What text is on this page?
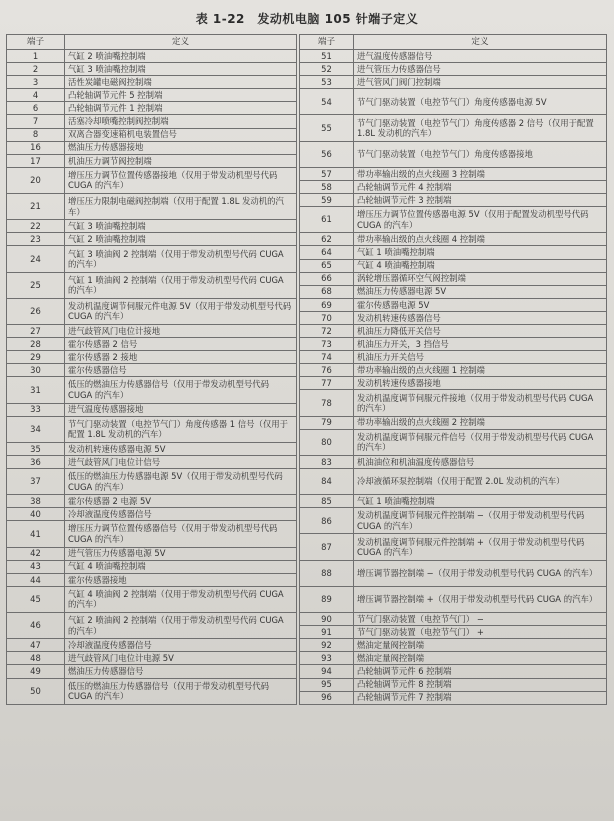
表 1-22　发动机电脑 105 针端子定义
端子	定义
1	气缸 2 喷油嘴控制端
2	气缸 3 喷油嘴控制端
3	活性炭罐电磁阀控制端
4	凸轮轴调节元件 5 控制端
6	凸轮轴调节元件 1 控制端
7	活塞冷却喷嘴控制阀控制端
8	双离合器变速箱机电装置信号
16	燃油压力传感器接地
17	机油压力调节阀控制端
20	增压压力调节位置传感器接地（仅用于带发动机型号代码 CUGA 的汽车）
21	增压压力限制电磁阀控制端（仅用于配置 1.8L 发动机的汽车）
22	气缸 3 喷油嘴控制端
23	气缸 2 喷油嘴控制端
24	气缸 3 喷油阀 2 控制端（仅用于带发动机型号代码 CUGA 的汽车）
25	气缸 1 喷油阀 2 控制端（仅用于带发动机型号代码 CUGA 的汽车）
26	发动机温度调节伺服元件电源 5V（仅用于带发动机型号代码 CUGA 的汽车）
27	进气歧管风门电位计接地
28	霍尔传感器 2 信号
29	霍尔传感器 2 接地
30	霍尔传感器信号
31	低压的燃油压力传感器信号（仅用于带发动机型号代码 CUGA 的汽车）
33	进气温度传感器接地
34	节气门驱动装置（电控节气门）角度传感器 1 信号（仅用于配置 1.8L 发动机的汽车）
35	发动机转速传感器电源 5V
36	进气歧管风门电位计信号
37	低压的燃油压力传感器电源 5V（仅用于带发动机型号代码 CUGA 的汽车）
38	霍尔传感器 2 电源 5V
40	冷却液温度传感器信号
41	增压压力调节位置传感器信号（仅用于带发动机型号代码 CUGA 的汽车）
42	进气管压力传感器电源 5V
43	气缸 4 喷油嘴控制端
44	霍尔传感器接地
45	气缸 4 喷油阀 2 控制端（仅用于带发动机型号代码 CUGA 的汽车）
46	气缸 2 喷油阀 2 控制端（仅用于带发动机型号代码 CUGA 的汽车）
47	冷却液温度传感器信号
48	进气歧管风门电位计电源 5V
49	燃油压力传感器信号
50	低压的燃油压力传感器信号（仅用于带发动机型号代码 CUGA 的汽车）
端子	定义
51	进气温度传感器信号
52	进气管压力传感器信号
53	进气管风门阀门控制端
54	节气门驱动装置（电控节气门）角度传感器电源 5V
55	节气门驱动装置（电控节气门）角度传感器 2 信号（仅用于配置 1.8L 发动机的汽车）
56	节气门驱动装置（电控节气门）角度传感器接地
57	带功率输出级的点火线圈 3 控制端
58	凸轮轴调节元件 4 控制端
59	凸轮轴调节元件 3 控制端
61	增压压力调节位置传感器电源 5V（仅用于配置发动机型号代码 CUGA 的汽车）
62	带功率输出级的点火线圈 4 控制端
64	气缸 1 喷油嘴控制端
65	气缸 4 喷油嘴控制端
66	涡轮增压器循环空气阀控制端
68	燃油压力传感器电源 5V
69	霍尔传感器电源 5V
70	发动机转速传感器信号
72	机油压力降低开关信号
73	机油压力开关，3 挡信号
74	机油压力开关信号
76	带功率输出级的点火线圈 1 控制端
77	发动机转速传感器接地
78	发动机温度调节伺服元件接地（仅用于带发动机型号代码 CUGA 的汽车）
79	带功率输出级的点火线圈 2 控制端
80	发动机温度调节伺服元件信号（仅用于带发动机型号代码 CUGA 的汽车）
83	机油油位和机油温度传感器信号
84	冷却液循环泵控制端（仅用于配置 2.0L 发动机的汽车）
85	气缸 1 喷油嘴控制端
86	发动机温度调节伺服元件控制端 −（仅用于带发动机型号代码 CUGA 的汽车）
87	发动机温度调节伺服元件控制端 +（仅用于带发动机型号代码 CUGA 的汽车）
88	增压调节器控制端 −（仅用于带发动机型号代码 CUGA 的汽车）
89	增压调节器控制端 +（仅用于带发动机型号代码 CUGA 的汽车）
90	节气门驱动装置（电控节气门） −
91	节气门驱动装置（电控节气门） +
92	燃油定量阀控制端
93	燃油定量阀控制端
94	凸轮轴调节元件 6 控制端
95	凸轮轴调节元件 8 控制端
96	凸轮轴调节元件 7 控制端
